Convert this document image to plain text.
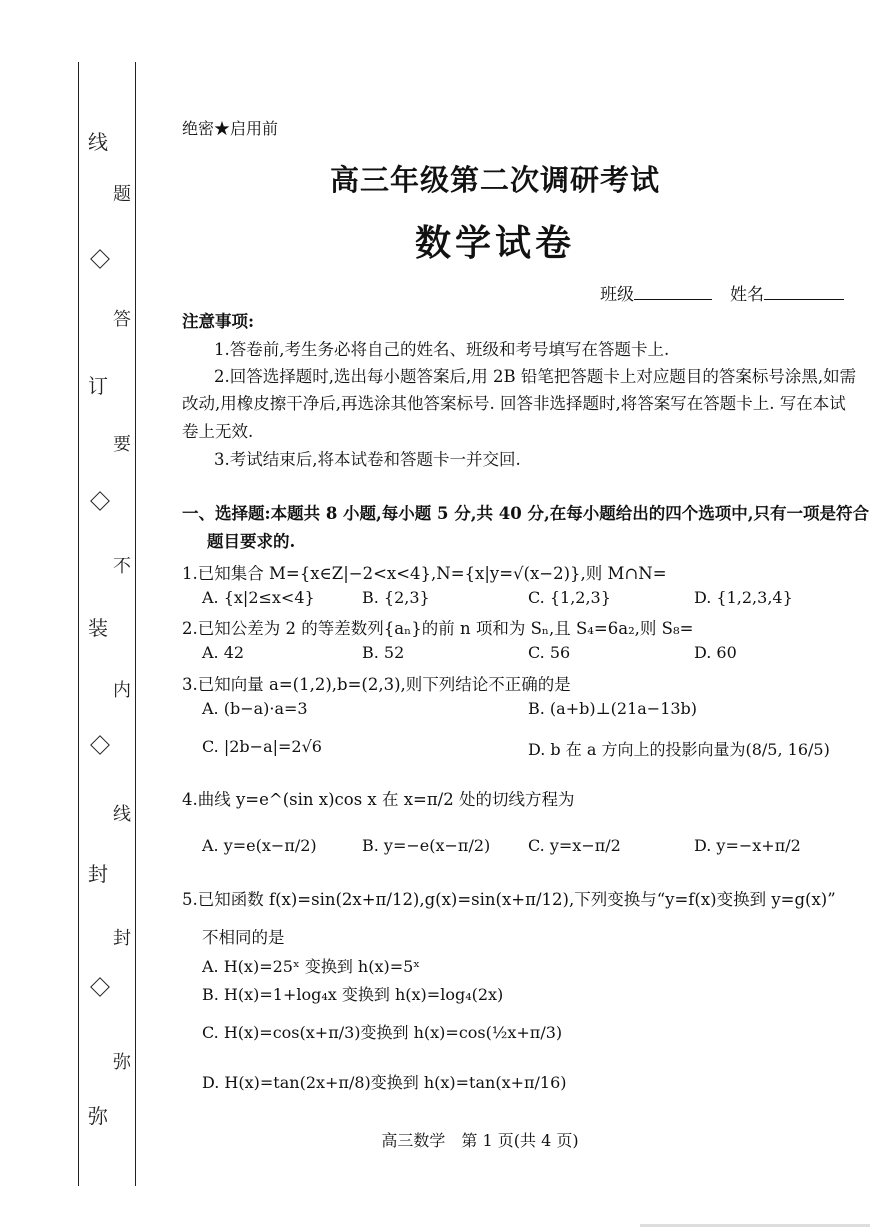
线
订
装
封
弥
题
答
要
不
内
线
封
弥
绝密★启用前
高三年级第二次调研考试
数学试卷
班级	姓名
注意事项:
1.答卷前,考生务必将自己的姓名、班级和考号填写在答题卡上.
2.回答选择题时,选出每小题答案后,用 2B 铅笔把答题卡上对应题目的答案标号涂黑,如需
改动,用橡皮擦干净后,再选涂其他答案标号. 回答非选择题时,将答案写在答题卡上. 写在本试
卷上无效.
3.考试结束后,将本试卷和答题卡一并交回.
一、选择题:本题共 8 小题,每小题 5 分,共 40 分,在每小题给出的四个选项中,只有一项是符合
题目要求的.
1.已知集合 M={x∈Z|−2<x<4},N={x|y=√(x−2)},则 M∩N=
A. {x|2≤x<4}	B. {2,3}	C. {1,2,3}	D. {1,2,3,4}
2.已知公差为 2 的等差数列{aₙ}的前 n 项和为 Sₙ,且 S₄=6a₂,则 S₈=
A. 42	B. 52	C. 56	D. 60
3.已知向量 a=(1,2),b=(2,3),则下列结论不正确的是
A. (b−a)·a=3	B. (a+b)⊥(21a−13b)
C. |2b−a|=2√6	D. b 在 a 方向上的投影向量为(8/5, 16/5)
4.曲线 y=e^(sin x)cos x 在 x=π/2 处的切线方程为
A. y=e(x−π/2)	B. y=−e(x−π/2) C. y=x−π/2	D. y=−x+π/2
5.已知函数 f(x)=sin(2x+π/12),g(x)=sin(x+π/12),下列变换与“y=f(x)变换到 y=g(x)”
不相同的是
A. H(x)=25ˣ 变换到 h(x)=5ˣ
B. H(x)=1+log₄x 变换到 h(x)=log₄(2x)
C. H(x)=cos(x+π/3)变换到 h(x)=cos(½x+π/3)
D. H(x)=tan(2x+π/8)变换到 h(x)=tan(x+π/16)
高三数学　第 1 页(共 4 页)
